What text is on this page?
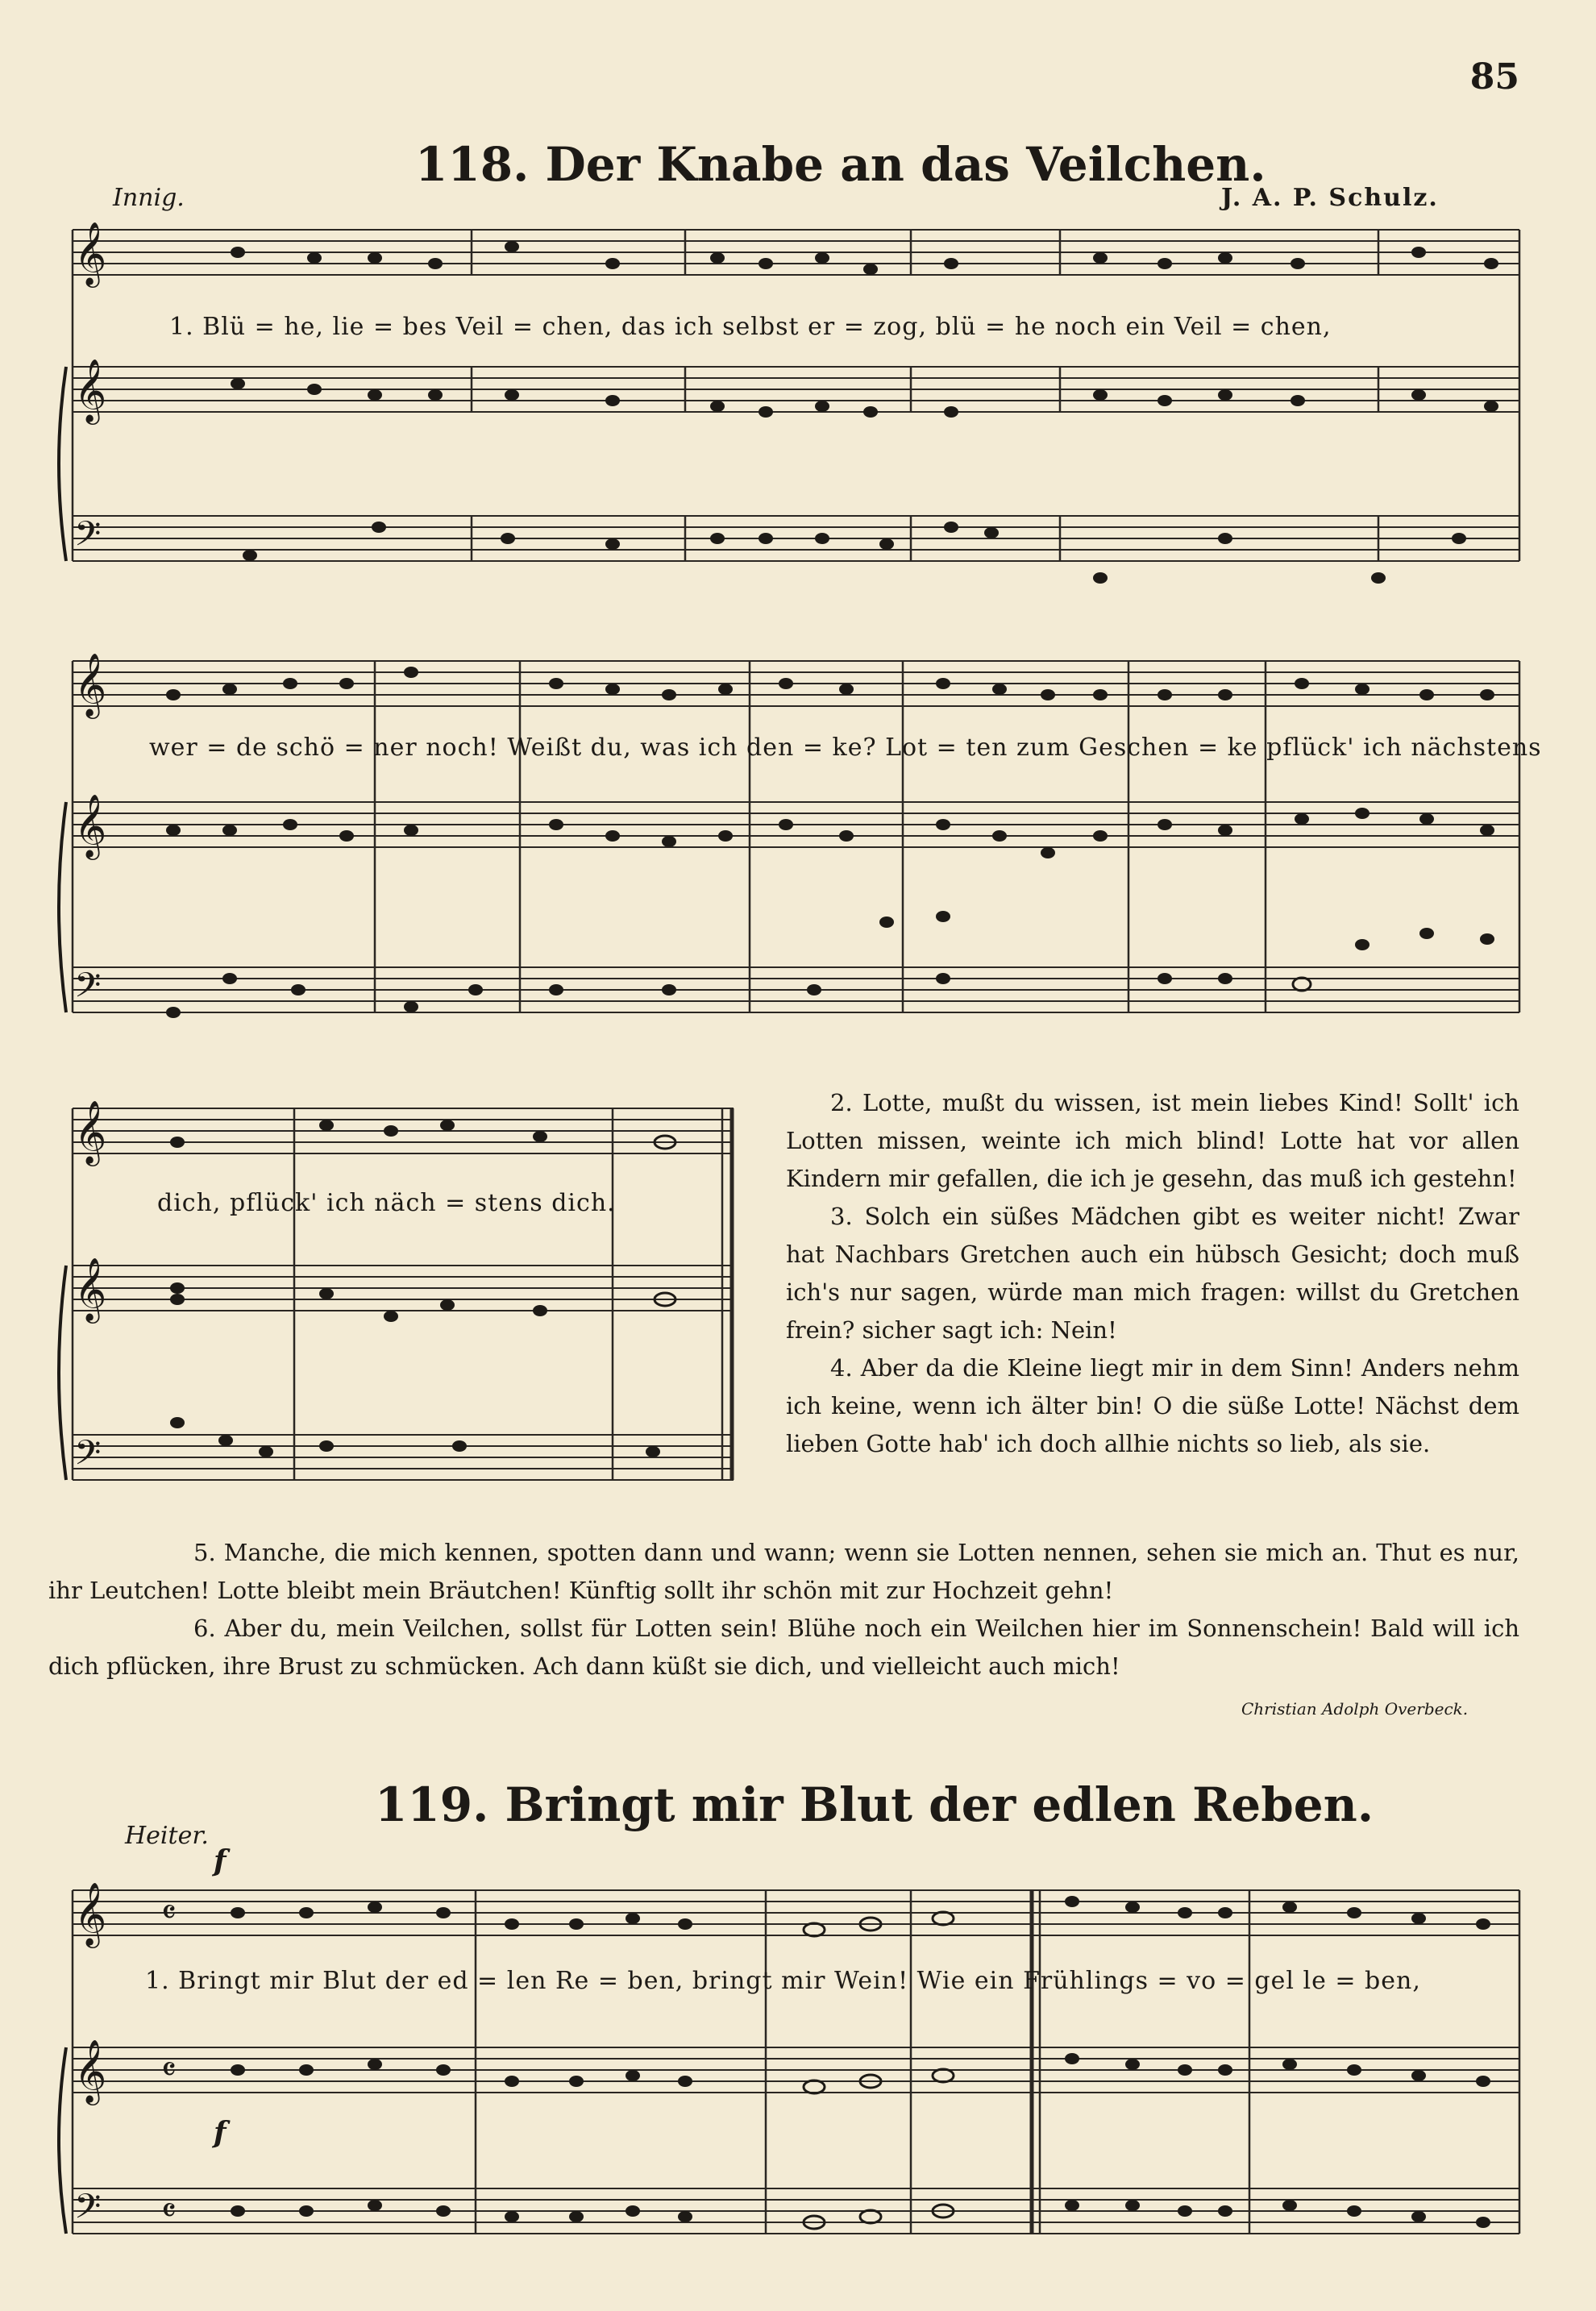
85
118. Der Knabe an das Veilchen.
Innig.	J. A. P. Schulz.
𝄞
𝄞
𝄢
1. Blü = he, lie = bes Veil = chen, das ich selbst er = zog, blü = he noch ein Veil = chen,
𝄞
𝄞
𝄢
wer = de schö = ner noch! Weißt du, was ich den = ke? Lot = ten zum Geschen = ke pflück' ich nächstens
𝄞
𝄞
𝄢
dich, pflück' ich näch = stens dich.

2. Lotte, mußt du wissen, ist mein liebes Kind! Sollt' ich Lotten missen, weinte ich mich blind! Lotte hat vor allen Kindern mir gefallen, die ich je gesehn, das muß ich gestehn!

3. Solch ein süßes Mädchen gibt es weiter nicht! Zwar hat Nachbars Gretchen auch ein hübsch Gesicht; doch muß ich's nur sagen, würde man mich fragen: willst du Gretchen frein? sicher sagt ich: Nein!

4. Aber da die Kleine liegt mir in dem Sinn! Anders nehm ich keine, wenn ich älter bin! O die süße Lotte! Nächst dem lieben Gotte hab' ich doch allhie nichts so lieb, als sie.

5. Manche, die mich kennen, spotten dann und wann; wenn sie Lotten nennen, sehen sie mich an. Thut es nur, ihr Leutchen! Lotte bleibt mein Bräutchen! Künftig sollt ihr schön mit zur Hochzeit gehn!

6. Aber du, mein Veilchen, sollst für Lotten sein! Blühe noch ein Weilchen hier im Sonnenschein! Bald will ich dich pflücken, ihre Brust zu schmücken. Ach dann küßt sie dich, und vielleicht auch mich!

Christian Adolph Overbeck.
119. Bringt mir Blut der edlen Reben.
Heiter.
f
f
𝄞
𝄞
𝄢
𝄴
𝄴
𝄴
1. Bringt mir Blut der ed = len Re = ben, bringt mir Wein! Wie ein Frühlings = vo = gel le = ben,
